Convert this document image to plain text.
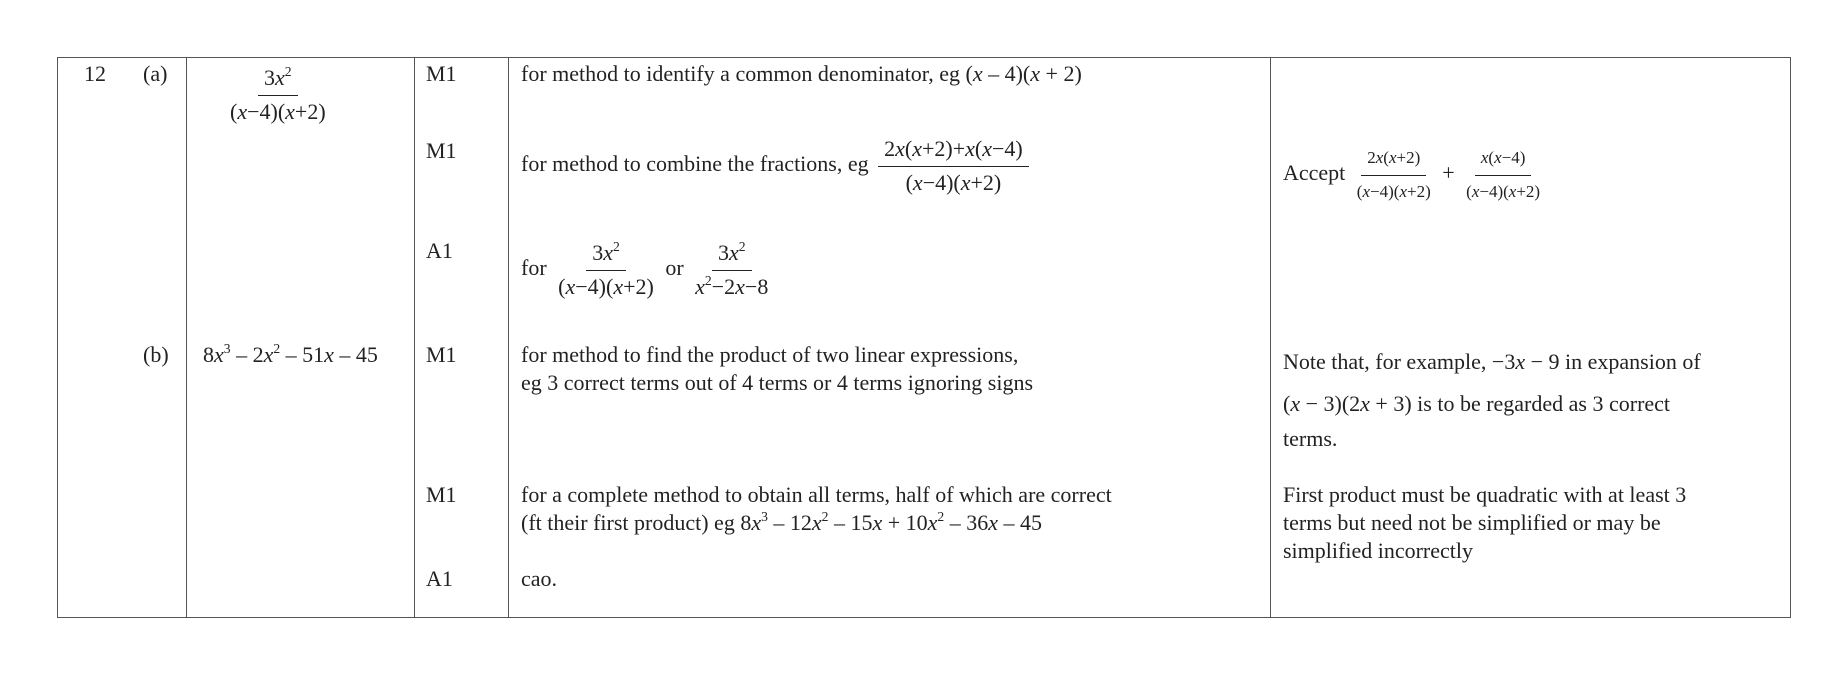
12 (a)
(b)
$\frac{3x^2}{(x-4)(x+2)}$
$8x^3 - 2x^2 - 51x - 45$
M1
M1
A1
M1
M1
A1
for method to identify a common denominator, eg (x – 4)(x + 2)
for method to combine the fractions, eg $\frac{2x(x+2)+x(x-4)}{(x-4)(x+2)}$
for $\frac{3x^2}{(x-4)(x+2)}$ or $\frac{3x^2}{x^2-2x-8}$
for method to find the product of two linear expressions,
eg 3 correct terms out of 4 terms or 4 terms ignoring signs
for a complete method to obtain all terms, half of which are correct
(ft their first product) eg $8x^3 - 12x^2 - 15x + 10x^2 - 36x - 45$
cao.
Accept $\frac{2x(x+2)}{(x-4)(x+2)} + \frac{x(x-4)}{(x-4)(x+2)}$
Note that, for example, −3x − 9 in expansion of
(x − 3)(2x + 3) is to be regarded as 3 correct
terms.
First product must be quadratic with at least 3
terms but need not be simplified or may be
simplified incorrectly
